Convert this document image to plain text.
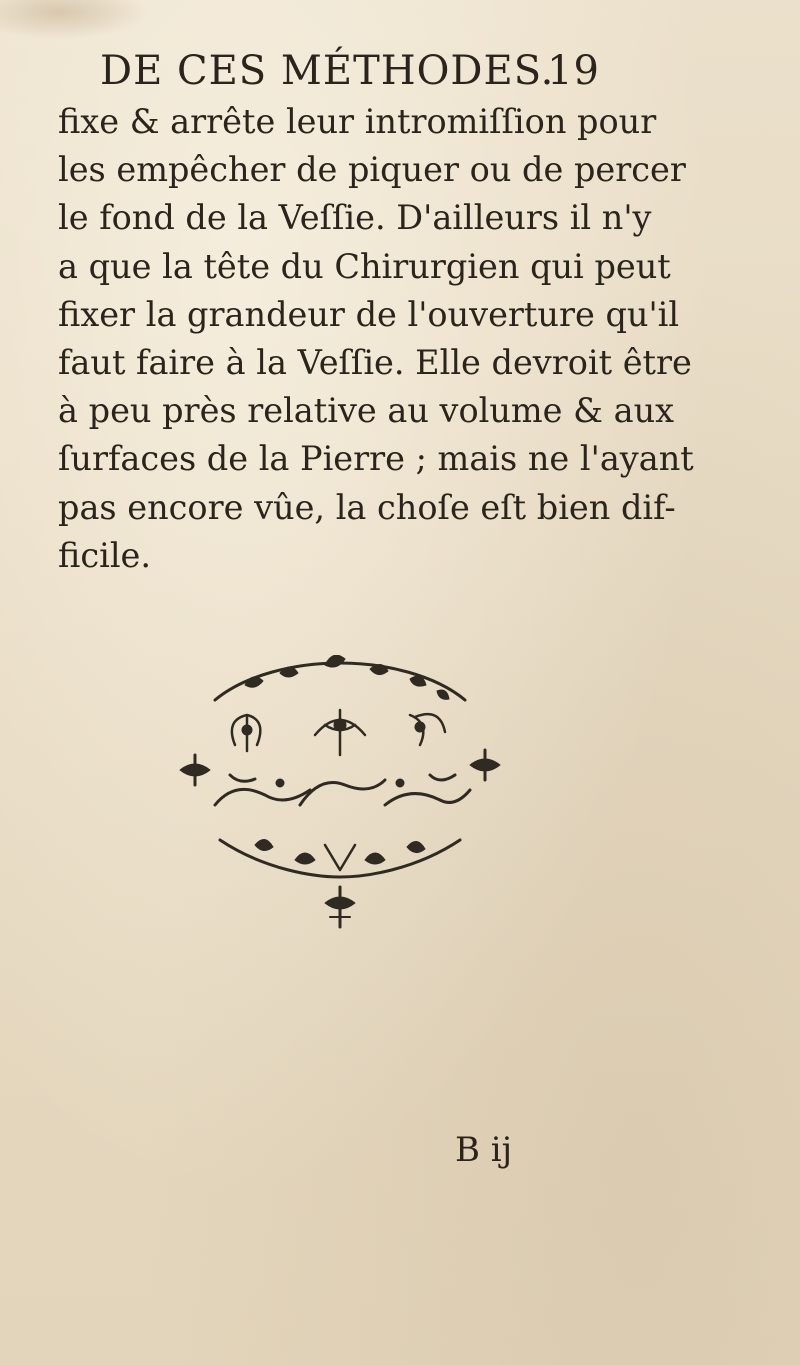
DE CES MÉTHODES.
19
fixe & arrête leur intromiſſion pour
les empêcher de piquer ou de percer
le fond de la Veſſie. D'ailleurs il n'y
a que la tête du Chirurgien qui peut
fixer la grandeur de l'ouverture qu'il
faut faire à la Veſſie. Elle devroit être
à peu près relative au volume & aux
ſurfaces de la Pierre ; mais ne l'ayant
pas encore vûe, la choſe eſt bien dif-
ficile.
B ij
